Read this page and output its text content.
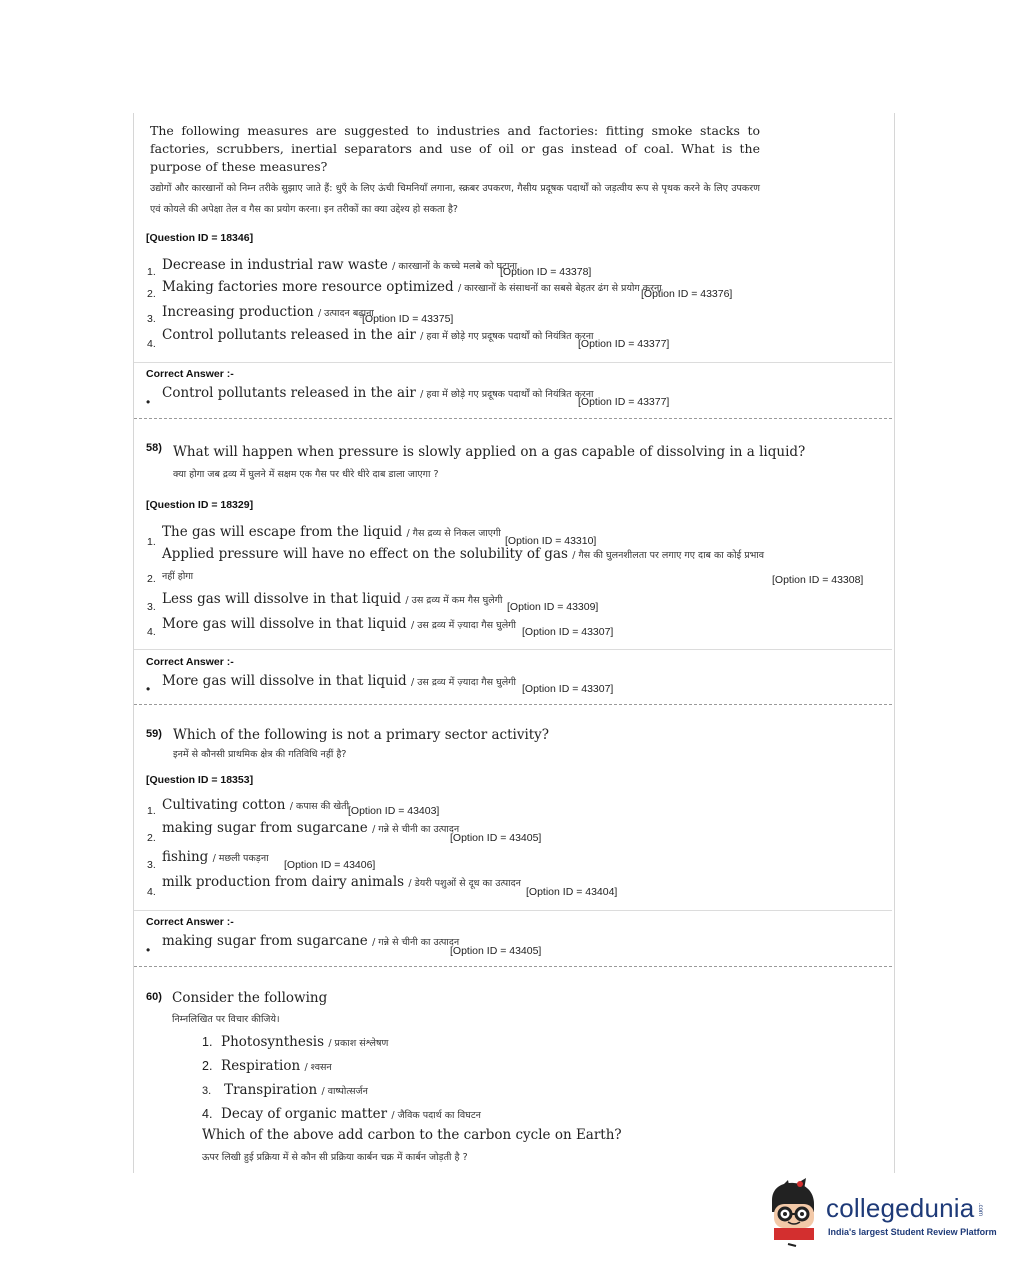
The following measures are suggested to industries and factories: fitting smoke stacks to factories, scrubbers, inertial separators and use of oil or gas instead of coal. What is the purpose of these measures?
उद्योगों और कारखानों को निम्न तरीके सुझाए जाते हैं: धुएँ के लिए ऊंची चिमनियाँ लगाना, स्क्रबर उपकरण, गैसीय प्रदूषक पदार्थों को जड़त्वीय रूप से पृथक करने के लिए उपकरण एवं कोयले की अपेक्षा तेल व गैस का प्रयोग करना। इन तरीकों का क्या उद्देश्य हो सकता है?
[Question ID = 18346]
1. Decrease in industrial raw waste / कारखानों के कच्चे मलबे को घटाना
[Option ID = 43378]
2. Making factories more resource optimized / कारखानों के संसाधनों का सबसे बेहतर ढंग से प्रयोग करना
[Option ID = 43376]
3. Increasing production / उत्पादन बढ़ाना
[Option ID = 43375]
4.
Control pollutants released in the air / हवा में छोड़े गए प्रदूषक पदार्थों को नियंत्रित करना
[Option ID = 43377]
Correct Answer :-
•
Control pollutants released in the air / हवा में छोड़े गए प्रदूषक पदार्थों को नियंत्रित करना
[Option ID = 43377]
58) What will happen when pressure is slowly applied on a gas capable of dissolving in a liquid?
क्या होगा जब द्रव्य में घुलने में सक्षम एक गैस पर धीरे धीरे दाब डाला जाएगा ?
[Question ID = 18329]
1.
The gas will escape from the liquid / गैस द्रव्य से निकल जाएगी
[Option ID = 43310]
Applied pressure will have no effect on the solubility of gas / गैस की घुलनशीलता पर लगाए गए दाब का कोई प्रभाव
2. नहीं होगा	[Option ID = 43308]
3. Less gas will dissolve in that liquid / उस द्रव्य में कम गैस घुलेगी
[Option ID = 43309]
4. More gas will dissolve in that liquid / उस द्रव्य में ज़्यादा गैस घुलेगी
[Option ID = 43307]
Correct Answer :-
• More gas will dissolve in that liquid / उस द्रव्य में ज़्यादा गैस घुलेगी
[Option ID = 43307]
59) Which of the following is not a primary sector activity?
इनमें से कौनसी प्राथमिक क्षेत्र की गतिविधि नहीं है?
[Question ID = 18353]
1. Cultivating cotton / कपास की खेती
[Option ID = 43403]
2.
making sugar from sugarcane / गन्ने से चीनी का उत्पादन
[Option ID = 43405]
3. fishing / मछली पकड़ना
[Option ID = 43406]
4.
milk production from dairy animals / डेयरी पशुओं से दूध का उत्पादन
[Option ID = 43404]
Correct Answer :-
•
making sugar from sugarcane / गन्ने से चीनी का उत्पादन
[Option ID = 43405]
60) Consider the following
निम्नलिखित पर विचार कीजिये।
1. Photosynthesis / प्रकाश संश्लेषण
2. Respiration / श्वसन
3. Transpiration / वाष्पोत्सर्जन
4. Decay of organic matter / जैविक पदार्थ का विघटन
Which of the above add carbon to the carbon cycle on Earth?
ऊपर लिखी हुई प्रक्रिया में से कौन सी प्रक्रिया कार्बन चक्र में कार्बन जोड़ती है ?
collegedunia .com
India's largest Student Review Platform
